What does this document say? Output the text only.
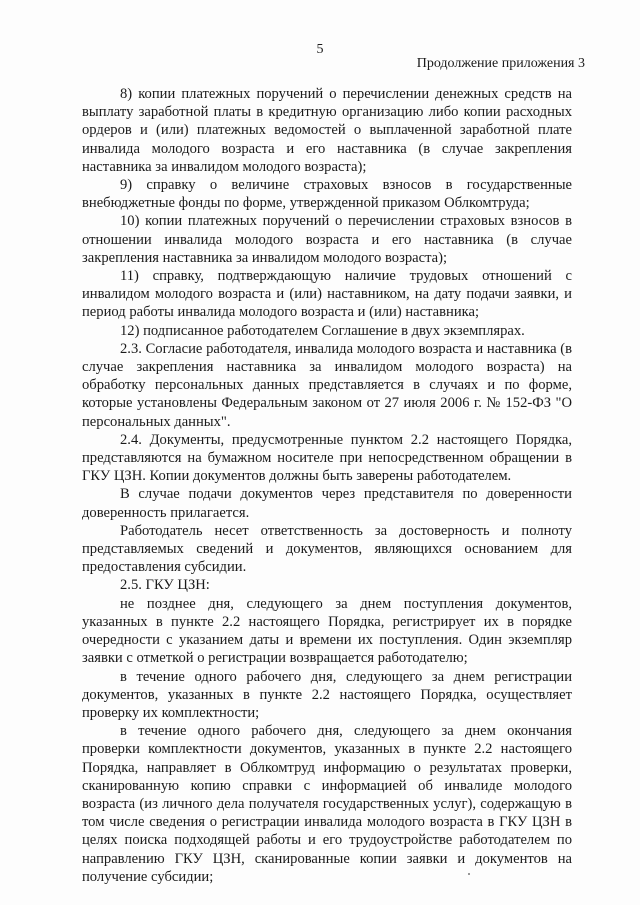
5
Продолжение приложения 3

8) копии платежных поручений о перечислении денежных средств на выплату заработной платы в кредитную организацию либо копии расходных ордеров и (или) платежных ведомостей о выплаченной заработной плате инвалида молодого возраста и его наставника (в случае закрепления наставника за инвалидом молодого возраста);

9) справку о величине страховых взносов в государственные внебюджетные фонды по форме, утвержденной приказом Облкомтруда;

10) копии платежных поручений о перечислении страховых взносов в отношении инвалида молодого возраста и его наставника (в случае закрепления наставника за инвалидом молодого возраста);

11) справку, подтверждающую наличие трудовых отношений с инвалидом молодого возраста и (или) наставником, на дату подачи заявки, и период работы инвалида молодого возраста и (или) наставника;

12) подписанное работодателем Соглашение в двух экземплярах.

2.3. Согласие работодателя, инвалида молодого возраста и наставника (в случае закрепления наставника за инвалидом молодого возраста) на обработку персональных данных представляется в случаях и по форме, которые установлены Федеральным законом от 27 июля 2006 г. № 152-ФЗ "О персональных данных".

2.4. Документы, предусмотренные пунктом 2.2 настоящего Порядка, представляются на бумажном носителе при непосредственном обращении в ГКУ ЦЗН. Копии документов должны быть заверены работодателем.

В случае подачи документов через представителя по доверенности доверенность прилагается.

Работодатель несет ответственность за достоверность и полноту представляемых сведений и документов, являющихся основанием для предоставления субсидии.

2.5. ГКУ ЦЗН:

не позднее дня, следующего за днем поступления документов, указанных в пункте 2.2 настоящего Порядка, регистрирует их в порядке очередности с указанием даты и времени их поступления. Один экземпляр заявки с отметкой о регистрации возвращается работодателю;

в течение одного рабочего дня, следующего за днем регистрации документов, указанных в пункте 2.2 настоящего Порядка, осуществляет проверку их комплектности;

в течение одного рабочего дня, следующего за днем окончания проверки комплектности документов, указанных в пункте 2.2 настоящего Порядка, направляет в Облкомтруд информацию о результатах проверки, сканированную копию справки с информацией об инвалиде молодого возраста (из личного дела получателя государственных услуг), содержащую в том числе сведения о регистрации инвалида молодого возраста в ГКУ ЦЗН в целях поиска подходящей работы и его трудоустройстве работодателем по направлению ГКУ ЦЗН, сканированные копии заявки и документов на получение субсидии;
